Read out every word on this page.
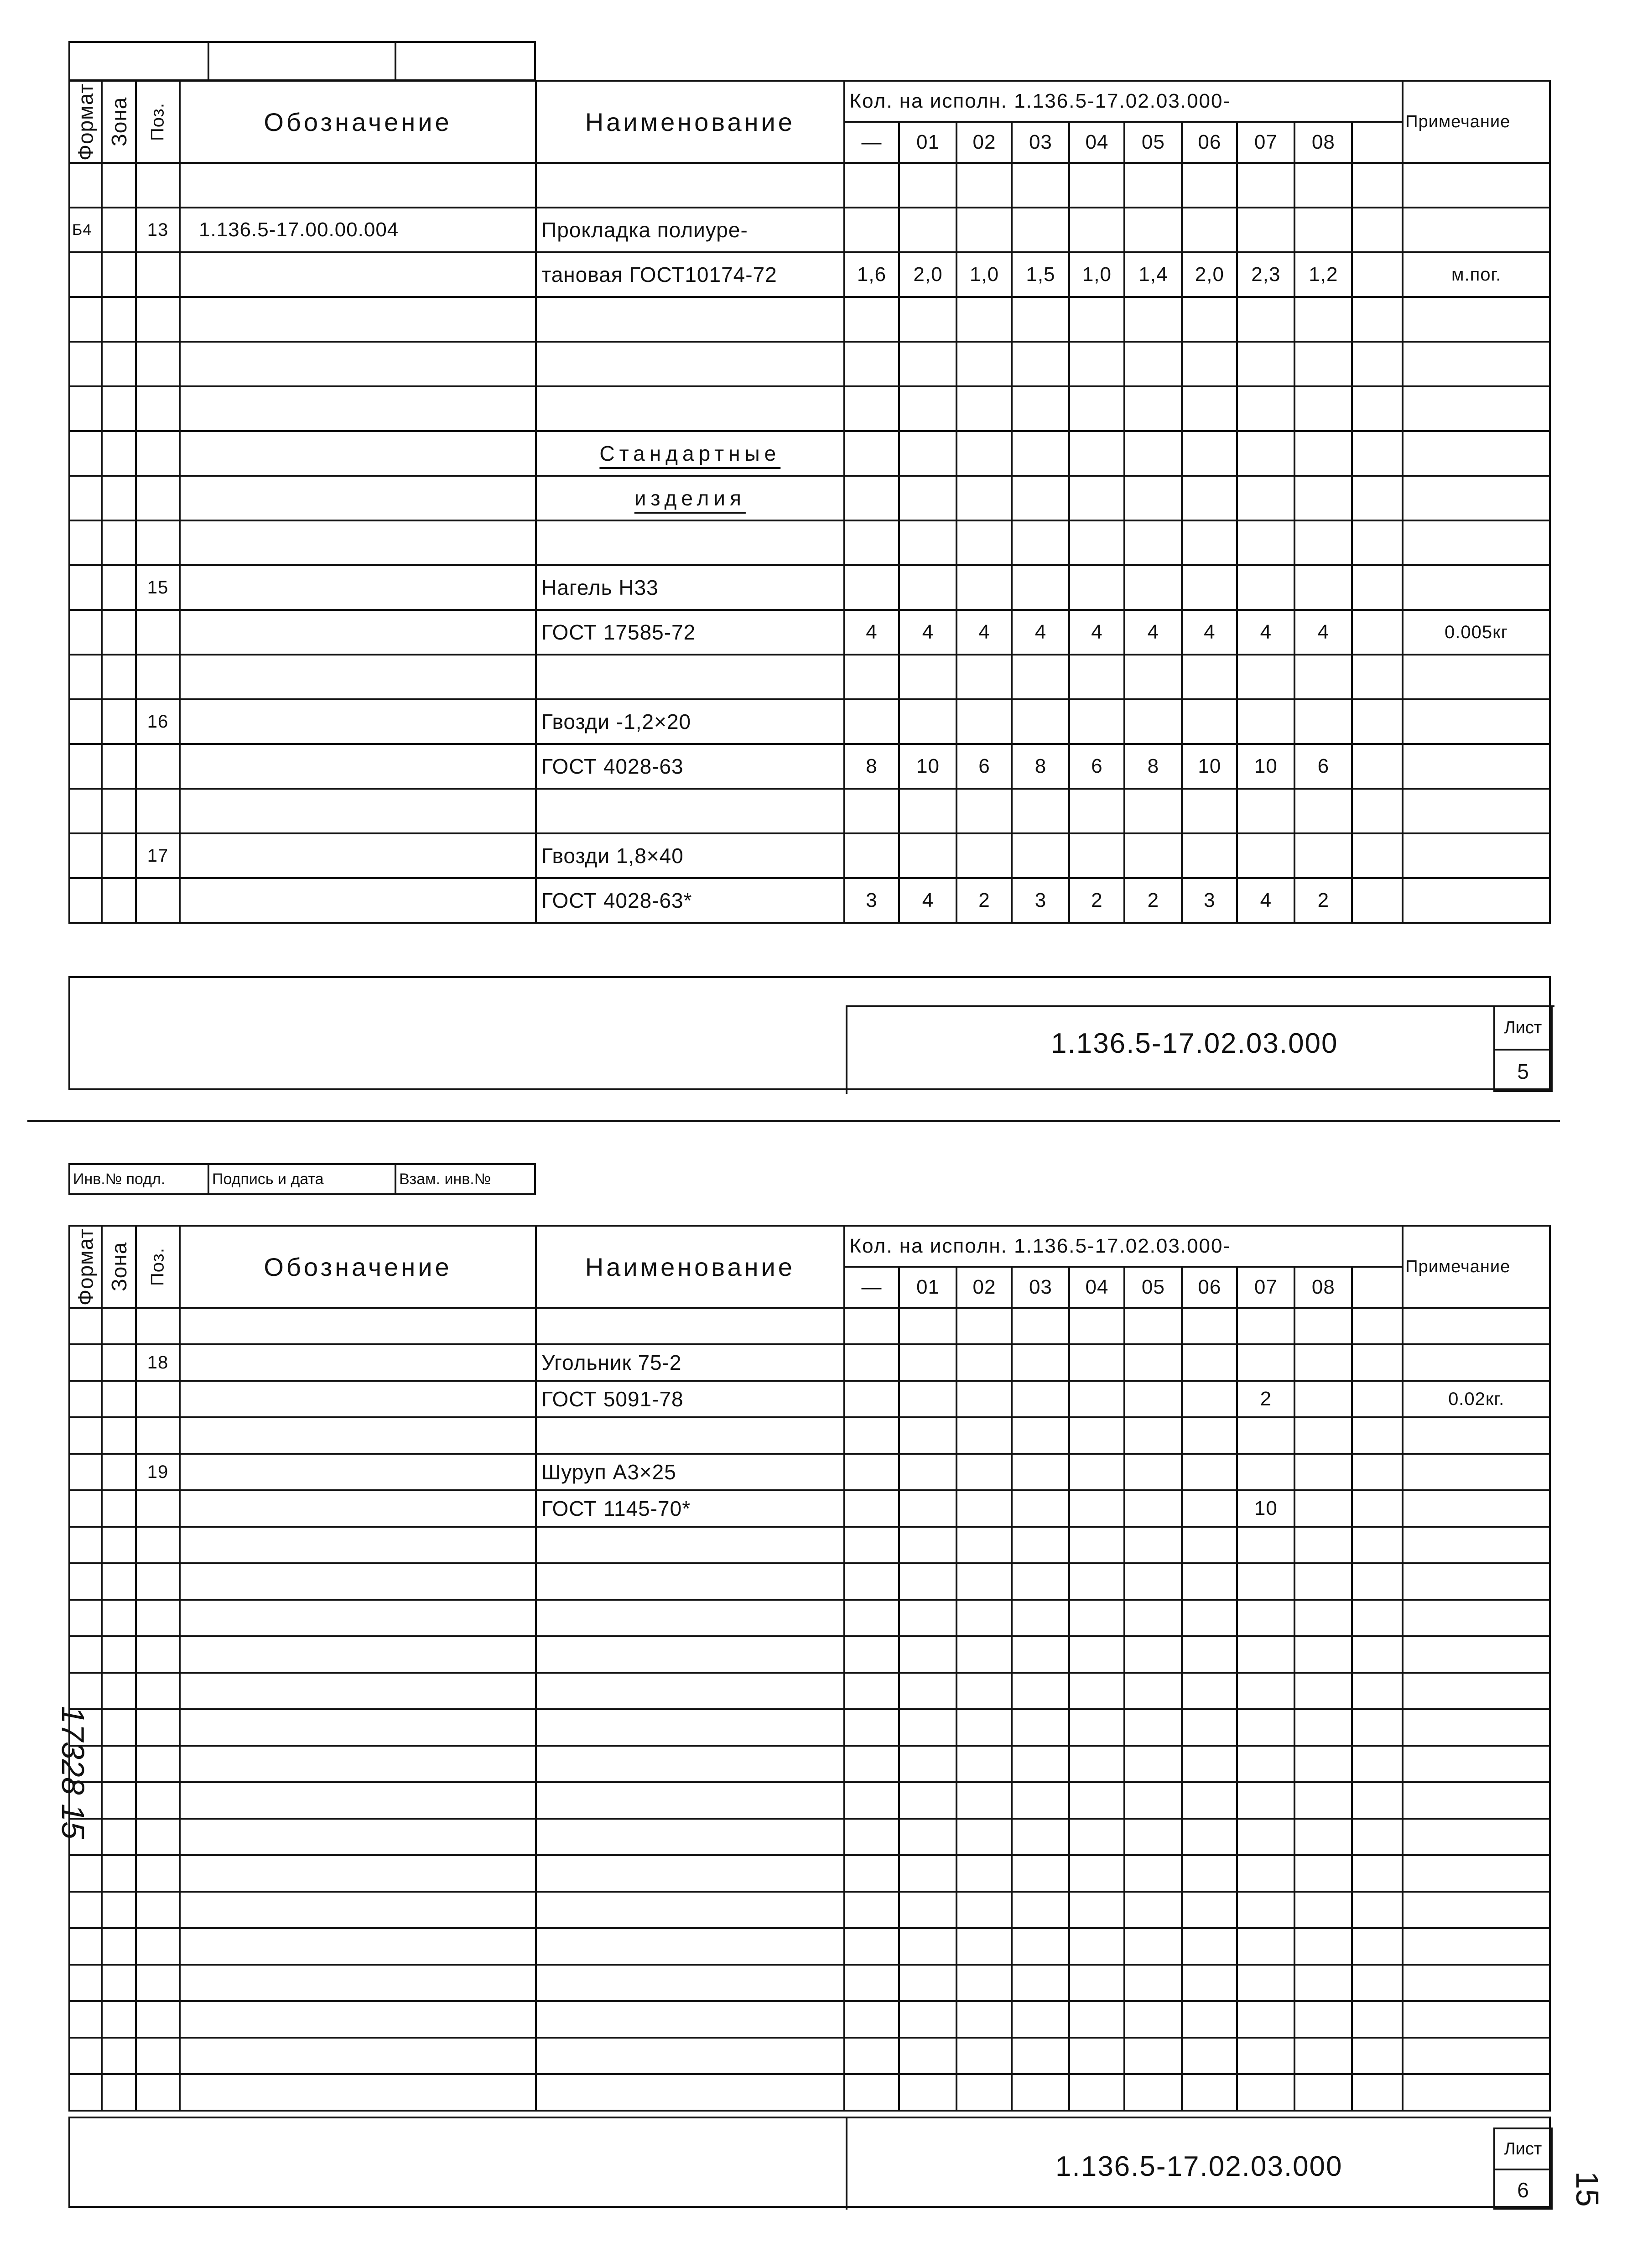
Формат	Зона	Поз.	Обозначение	Наименование	Кол. на исполн. 1.136.5-17.02.03.000-										Примечание
					—	01	02	03	04	05	06	07	08		

Б4		13	1.136.5-17.00.00.004	Прокладка полиуре-											
				тановая ГОСТ10174-72	1,6	2,0	1,0	1,5	1,0	1,4	2,0	2,3	1,2		м.пог.

				Стандартные											
				изделия											

		15		Нагель Н33											
				ГОСТ 17585-72	4	4	4	4	4	4	4	4	4		0.005кг

		16		Гвозди -1,2×20											
				ГОСТ 4028-63	8	10	6	8	6	8	10	10	6		

		17		Гвозди 1,8×40											
				ГОСТ 4028-63*	3	4	2	3	2	2	3	4	2		
1.136.5-17.02.03.000	Лист
5
Инв.№ подл.	Подпись и дата	Взам. инв.№
Формат	Зона	Поз.	Обозначение	Наименование	Кол. на исполн. 1.136.5-17.02.03.000-										Примечание
					—	01	02	03	04	05	06	07	08		

		18		Угольник 75-2											
				ГОСТ 5091-78								2			0.02кг.

		19		Шуруп А3×25											
				ГОСТ 1145-70*								10			

1.136.5-17.02.03.000
Лист
6
17328 15
15
